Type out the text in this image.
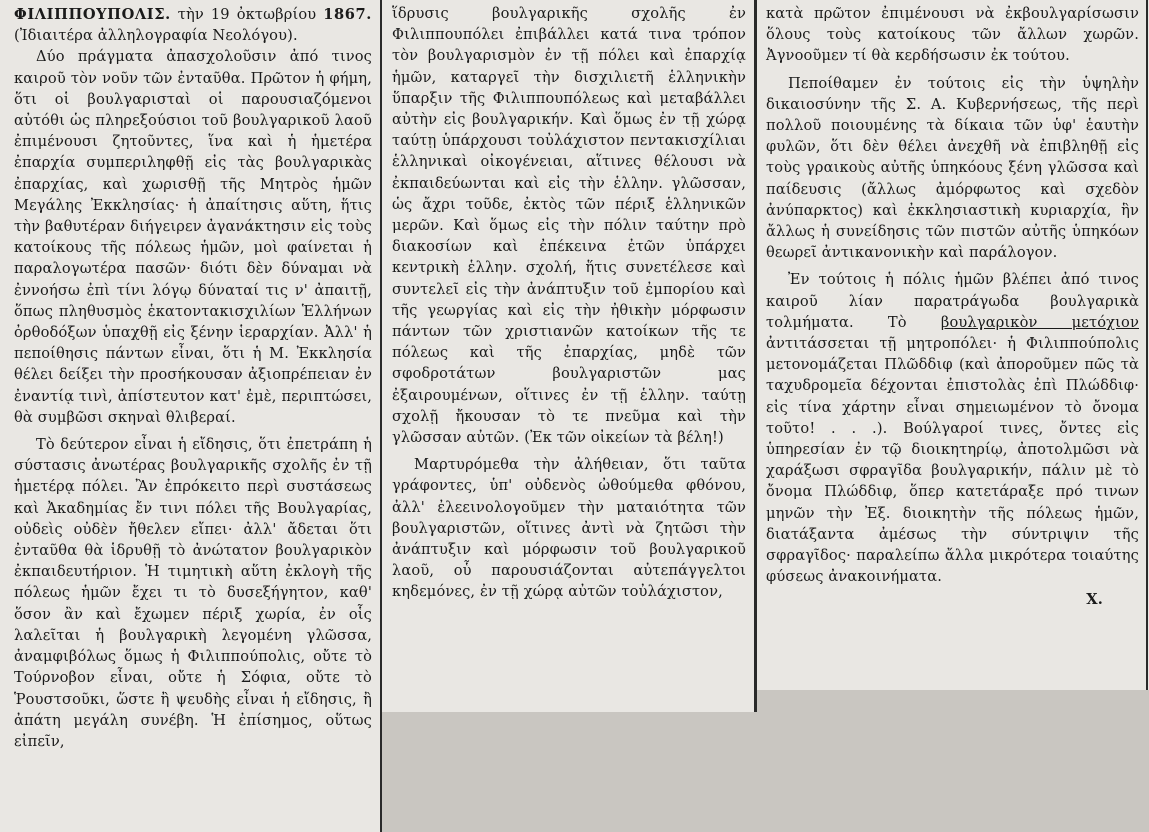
ΦΙΛΙΠΠΟΥΠΟΛΙΣ. τὴν 19 ὀκτωβρίου 1867. (Ἰδιαιτέρα ἀλληλογραφία Νεολόγου).

Δύο πράγματα ἀπασχολοῦσιν ἀπό τινος καιροῦ τὸν νοῦν τῶν ἐνταῦθα. Πρῶτον ἡ φήμη, ὅτι οἱ βουλγαρισταὶ οἱ παρουσιαζόμενοι αὐτόθι ὡς πληρεξούσιοι τοῦ βουλγαρικοῦ λαοῦ ἐπιμένουσι ζητοῦντες, ἵνα καὶ ἡ ἡμετέρα ἐπαρχία συμπεριληφθῇ εἰς τὰς βουλγαρικὰς ἐπαρχίας, καὶ χωρισθῇ τῆς Μητρὸς ἡμῶν Μεγάλης Ἐκκλησίας· ἡ ἀπαίτησις αὕτη, ἥτις τὴν βαθυτέραν διήγειρεν ἀγανάκτησιν εἰς τοὺς κατοίκους τῆς πόλεως ἡμῶν, μοὶ φαίνεται ἡ παραλογωτέρα πασῶν· διότι δὲν δύναμαι νὰ ἐννοήσω ἐπὶ τίνι λόγῳ δύναταί τις ν' ἀπαιτῇ, ὅπως πληθυσμὸς ἑκατοντακισχιλίων Ἑλλήνων ὀρθοδόξων ὑπαχθῇ εἰς ξένην ἱεραρχίαν. Ἀλλ' ἡ πεποίθησις πάντων εἶναι, ὅτι ἡ Μ. Ἐκκλησία θέλει δείξει τὴν προσήκουσαν ἀξιοπρέπειαν ἐν ἐναντίᾳ τινὶ, ἀπίστευτον κατ' ἐμὲ, περιπτώσει, θὰ συμβῶσι σκηναὶ θλιβεραί.

Τὸ δεύτερον εἶναι ἡ εἴδησις, ὅτι ἐπετράπη ἡ σύστασις ἀνωτέρας βουλγαρικῆς σχολῆς ἐν τῇ ἡμετέρᾳ πόλει. Ἂν ἐπρόκειτο περὶ συστάσεως καὶ Ἀκαδημίας ἔν τινι πόλει τῆς Βουλγαρίας, οὐδεὶς οὐδὲν ἤθελεν εἴπει· ἀλλ' ἄδεται ὅτι ἐνταῦθα θὰ ἱδρυθῇ τὸ ἀνώτατον βουλγαρικὸν ἐκπαιδευτήριον. Ἡ τιμητικὴ αὕτη ἐκλογὴ τῆς πόλεως ἡμῶν ἔχει τι τὸ δυσεξήγητον, καθ' ὅσον ἂν καὶ ἔχωμεν πέριξ χωρία, ἐν οἷς λαλεῖται ἡ βουλγαρικὴ λεγομένη γλῶσσα, ἀναμφιβόλως ὅμως ἡ Φιλιππούπολις, οὔτε τὸ Τούρνοβον εἶναι, οὔτε ἡ Σόφια, οὔτε τὸ Ῥουστσοῦκι, ὥστε ἢ ψευδὴς εἶναι ἡ εἴδησις, ἢ ἀπάτη μεγάλη συνέβη. Ἡ ἐπίσημος, οὕτως εἰπεῖν,

ἵδρυσις βουλγαρικῆς σχολῆς ἐν Φιλιππουπόλει ἐπιβάλλει κατά τινα τρόπον τὸν βουλγαρισμὸν ἐν τῇ πόλει καὶ ἐπαρχίᾳ ἡμῶν, καταργεῖ τὴν δισχιλιετῆ ἑλληνικὴν ὕπαρξιν τῆς Φιλιππουπόλεως καὶ μεταβάλλει αὐτὴν εἰς βουλγαρικήν. Καὶ ὅμως ἐν τῇ χώρᾳ ταύτῃ ὑπάρχουσι τοὐλάχιστον πεντακισχίλιαι ἑλληνικαὶ οἰκογένειαι, αἵτινες θέλουσι νὰ ἐκπαιδεύωνται καὶ εἰς τὴν ἑλλην. γλῶσσαν, ὡς ἄχρι τοῦδε, ἐκτὸς τῶν πέριξ ἑλληνικῶν μερῶν. Καὶ ὅμως εἰς τὴν πόλιν ταύτην πρὸ διακοσίων καὶ ἐπέκεινα ἐτῶν ὑπάρχει κεντρικὴ ἑλλην. σχολή, ἥτις συνετέλεσε καὶ συντελεῖ εἰς τὴν ἀνάπτυξιν τοῦ ἐμπορίου καὶ τῆς γεωργίας καὶ εἰς τὴν ἠθικὴν μόρφωσιν πάντων τῶν χριστιανῶν κατοίκων τῆς τε πόλεως καὶ τῆς ἐπαρχίας, μηδὲ τῶν σφοδροτάτων βουλγαριστῶν μας ἐξαιρουμένων, οἵτινες ἐν τῇ ἑλλην. ταύτῃ σχολῇ ἤκουσαν τὸ τε πνεῦμα καὶ τὴν γλῶσσαν αὐτῶν. (Ἐκ τῶν οἰκείων τὰ βέλη!)

Μαρτυρόμεθα τὴν ἀλήθειαν, ὅτι ταῦτα γράφοντες, ὑπ' οὐδενὸς ὠθούμεθα φθόνου, ἀλλ' ἐλεεινολογοῦμεν τὴν ματαιότητα τῶν βουλγαριστῶν, οἵτινες ἀντὶ νὰ ζητῶσι τὴν ἀνάπτυξιν καὶ μόρφωσιν τοῦ βουλγαρικοῦ λαοῦ, οὗ παρουσιάζονται αὐτεπάγγελτοι κηδεμόνες, ἐν τῇ χώρᾳ αὐτῶν τοὐλάχιστον,

κατὰ πρῶτον ἐπιμένουσι νὰ ἐκβουλγαρίσωσιν ὅλους τοὺς κατοίκους τῶν ἄλλων χωρῶν. Ἀγνοοῦμεν τί θὰ κερδήσωσιν ἐκ τούτου.

Πεποίθαμεν ἐν τούτοις εἰς τὴν ὑψηλὴν δικαιοσύνην τῆς Σ. Α. Κυβερνήσεως, τῆς περὶ πολλοῦ ποιουμένης τὰ δίκαια τῶν ὑφ' ἑαυτὴν φυλῶν, ὅτι δὲν θέλει ἀνεχθῆ νὰ ἐπιβληθῇ εἰς τοὺς γραικοὺς αὐτῆς ὑπηκόους ξένη γλῶσσα καὶ παίδευσις (ἄλλως ἀμόρφωτος καὶ σχεδὸν ἀνύπαρκτος) καὶ ἐκκλησιαστικὴ κυριαρχία, ἣν ἄλλως ἡ συνείδησις τῶν πιστῶν αὐτῆς ὑπηκόων θεωρεῖ ἀντικανονικὴν καὶ παράλογον.

Ἐν τούτοις ἡ πόλις ἡμῶν βλέπει ἀπό τινος καιροῦ λίαν παρατράγωδα βουλγαρικὰ τολμήματα. Τὸ βουλγαρικὸν μετόχιον ἀντιτάσσεται τῇ μητροπόλει· ἡ Φιλιππούπολις μετονομάζεται Πλῶδδιφ (καὶ ἀποροῦμεν πῶς τὰ ταχυδρομεῖα δέχονται ἐπιστολὰς ἐπὶ Πλώδδιφ· εἰς τίνα χάρτην εἶναι σημειωμένον τὸ ὄνομα τοῦτο! . . .). Βούλγαροί τινες, ὄντες εἰς ὑπηρεσίαν ἐν τῷ διοικητηρίῳ, ἀποτολμῶσι νὰ χαράξωσι σφραγῖδα βουλγαρικήν, πάλιν μὲ τὸ ὄνομα Πλώδδιφ, ὅπερ κατετάραξε πρό τινων μηνῶν τὴν Ἐξ. διοικητὴν τῆς πόλεως ἡμῶν, διατάξαντα ἀμέσως τὴν σύντριψιν τῆς σφραγῖδος· παραλείπω ἄλλα μικρότερα τοιαύτης φύσεως ἀνακοινήματα.

Χ.
